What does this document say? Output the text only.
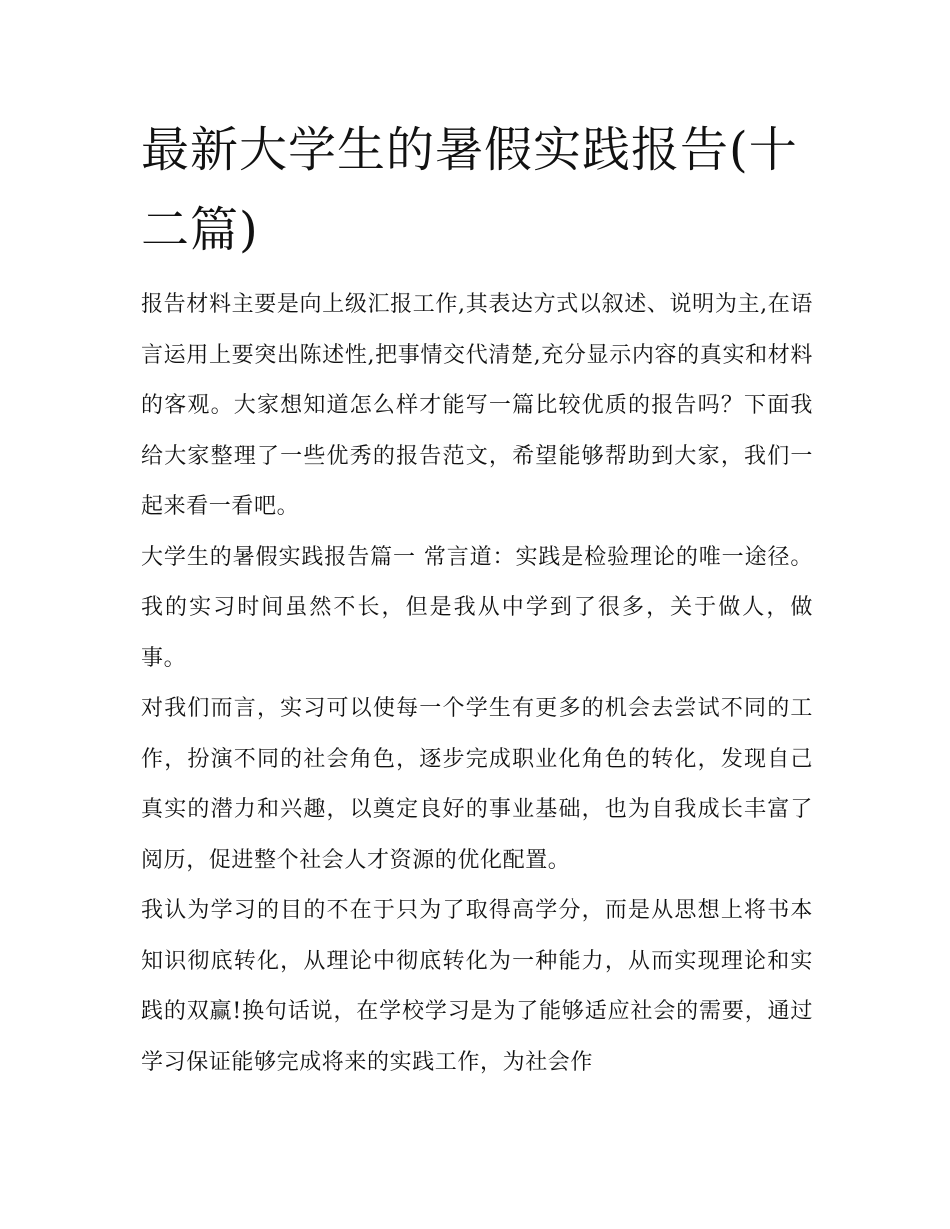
最新大学生的暑假实践报告(十二篇)

报告材料主要是向上级汇报工作,其表达方式以叙述、说明为主,在语言运用上要突出陈述性,把事情交代清楚,充分显示内容的真实和材料的客观。大家想知道怎么样才能写一篇比较优质的报告吗？下面我给大家整理了一些优秀的报告范文，希望能够帮助到大家，我们一起来看一看吧。

大学生的暑假实践报告篇一 常言道：实践是检验理论的唯一途径。我的实习时间虽然不长，但是我从中学到了很多，关于做人，做事。

对我们而言，实习可以使每一个学生有更多的机会去尝试不同的工作，扮演不同的社会角色，逐步完成职业化角色的转化，发现自己真实的潜力和兴趣，以奠定良好的事业基础，也为自我成长丰富了阅历，促进整个社会人才资源的优化配置。

我认为学习的目的不在于只为了取得高学分，而是从思想上将书本知识彻底转化，从理论中彻底转化为一种能力，从而实现理论和实践的双赢!换句话说，在学校学习是为了能够适应社会的需要，通过学习保证能够完成将来的实践工作，为社会作
